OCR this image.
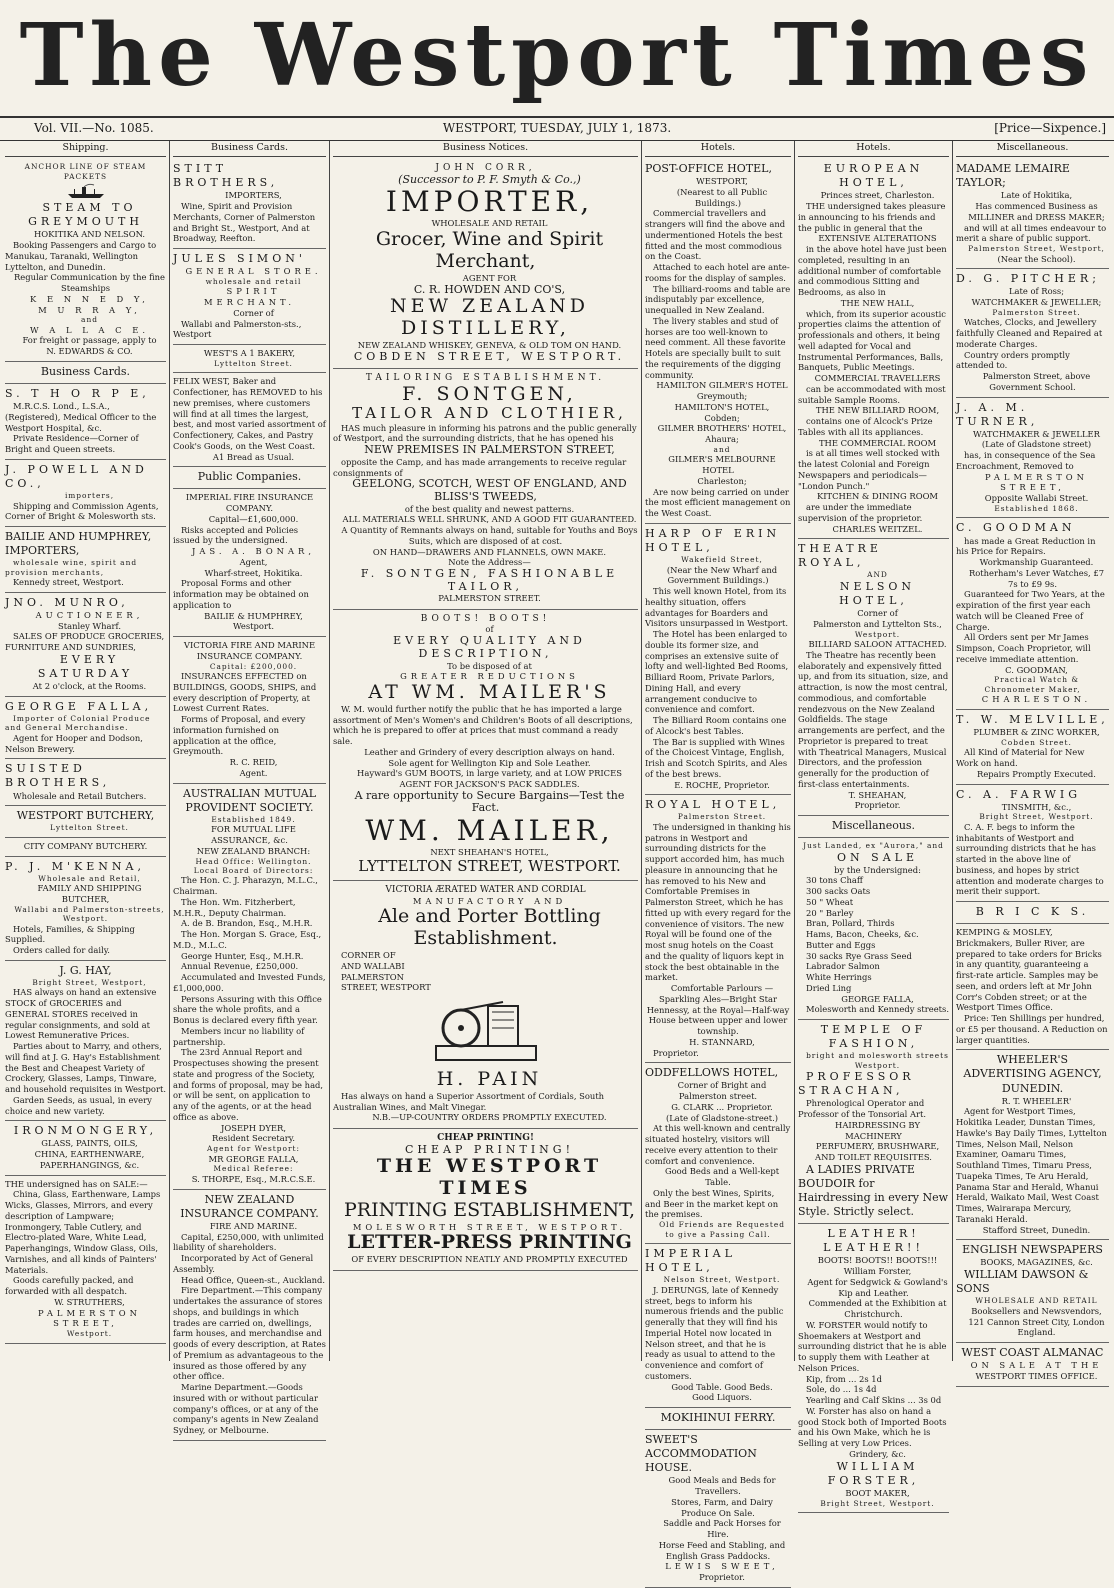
The Westport Times
Vol. VII.—No. 1085.	WESTPORT, TUESDAY, JULY 1, 1873.	[Price—Sixpence.]
Shipping.
ANCHOR LINE OF STEAM PACKETS

STEAM TO GREYMOUTH

HOKITIKA AND NELSON.

Booking Passengers and Cargo to Manukau, Taranaki, Wellington Lyttelton, and Dunedin.

Regular Communication by the fine Steamships

K E N N E D Y,

M U R R A Y,

and

W A L L A C E.

For freight or passage, apply to

N. EDWARDS & CO.

Business Cards.
S. T H O R P E,

M.R.C.S. Lond., L.S.A., (Registered), Medical Officer to the Westport Hospital, &c.

Private Residence—Corner of Bright and Queen streets.

J. POWELL AND CO.,

importers,

Shipping and Commission Agents, Corner of Bright & Molesworth sts.

BAILIE AND HUMPHREY, IMPORTERS,

wholesale wine, spirit and provision merchants,

Kennedy street, Westport.

JNO. MUNRO,

AUCTIONEER,

Stanley Wharf.

SALES OF PRODUCE GROCERIES, FURNITURE AND SUNDRIES,

EVERY SATURDAY

At 2 o'clock, at the Rooms.

GEORGE FALLA,

Importer of Colonial Produce and General Merchandise.

Agent for Hooper and Dodson, Nelson Brewery.

SUISTED BROTHERS,

Wholesale and Retail Butchers.

WESTPORT BUTCHERY,

Lyttelton Street.

CITY COMPANY BUTCHERY.
P. J. M'KENNA,

Wholesale and Retail,

FAMILY AND SHIPPING BUTCHER,

Wallabi and Palmerston-streets, Westport.

Hotels, Families, & Shipping Supplied.

Orders called for daily.

J. G. HAY,

Bright Street, Westport,

HAS always on hand an extensive STOCK of GROCERIES and GENERAL STORES received in regular consignments, and sold at Lowest Remunerative Prices.

Parties about to Marry, and others, will find at J. G. Hay's Establishment the Best and Cheapest Variety of Crockery, Glasses, Lamps, Tinware, and household requisites in Westport.

Garden Seeds, as usual, in every choice and new variety.

IRONMONGERY,

GLASS, PAINTS, OILS,

CHINA, EARTHENWARE,

PAPERHANGINGS, &c.

THE undersigned has on SALE:—

China, Glass, Earthenware, Lamps Wicks, Glasses, Mirrors, and every description of Lampware; Ironmongery, Table Cutlery, and Electro-plated Ware, White Lead, Paperhangings, Window Glass, Oils, Varnishes, and all kinds of Painters' Materials.

Goods carefully packed, and forwarded with all despatch.

W. STRUTHERS,

PALMERSTON STREET,

Westport.

Business Cards.
STITT BROTHERS,

IMPORTERS,

Wine, Spirit and Provision Merchants, Corner of Palmerston and Bright St., Westport, And at Broadway, Reefton.

JULES SIMON'

GENERAL STORE.

wholesale and retail

SPIRIT MERCHANT.

Corner of

Wallabi and Palmerston-sts., Westport

WEST'S A 1 BAKERY,

Lyttelton Street.

FELIX WEST, Baker and Confectioner, has REMOVED to his new premises, where customers will find at all times the largest, best, and most varied assortment of Confectionery, Cakes, and Pastry Cook's Goods, on the West Coast.

A1 Bread as Usual.

Public Companies.
IMPERIAL FIRE INSURANCE COMPANY.

Capital—£1,600,000.

Risks accepted and Policies issued by the undersigned.

JAS. A. BONAR,

Agent,

Wharf-street, Hokitika.

Proposal Forms and other information may be obtained on application to

BAILIE & HUMPHREY,

Westport.

VICTORIA FIRE AND MARINE INSURANCE COMPANY.

Capital: £200,000.

INSURANCES EFFECTED on BUILDINGS, GOODS, SHIPS, and every description of Property, at Lowest Current Rates.

Forms of Proposal, and every information furnished on application at the office, Greymouth.

R. C. REID,

Agent.

AUSTRALIAN MUTUAL PROVIDENT SOCIETY.

Established 1849.

FOR MUTUAL LIFE ASSURANCE, &c.

NEW ZEALAND BRANCH:

Head Office: Wellington.

Local Board of Directors:

The Hon. C. J. Pharazyn, M.L.C., Chairman.

The Hon. Wm. Fitzherbert, M.H.R., Deputy Chairman.

A. de B. Brandon, Esq., M.H.R.

The Hon. Morgan S. Grace, Esq., M.D., M.L.C.

George Hunter, Esq., M.H.R.

Annual Revenue, £250,000.

Accumulated and Invested Funds, £1,000,000.

Persons Assuring with this Office share the whole profits, and a Bonus is declared every fifth year.

Members incur no liability of partnership.

The 23rd Annual Report and Prospectuses showing the present state and progress of the Society, and forms of proposal, may be had, or will be sent, on application to any of the agents, or at the head office as above.

JOSEPH DYER,

Resident Secretary.

Agent for Westport:

MR GEORGE FALLA,

Medical Referee:

S. THORPE, Esq., M.R.C.S.E.

NEW ZEALAND INSURANCE COMPANY.

FIRE AND MARINE.

Capital, £250,000, with unlimited liability of shareholders.

Incorporated by Act of General Assembly.

Head Office, Queen-st., Auckland.

Fire Department.—This company undertakes the assurance of stores shops, and buildings in which trades are carried on, dwellings, farm houses, and merchandise and goods of every description, at Rates of Premium as advantageous to the insured as those offered by any other office.

Marine Department.—Goods insured with or without particular company's offices, or at any of the company's agents in New Zealand Sydney, or Melbourne.

Business Notices.
JOHN CORR,

(Successor to P. F. Smyth & Co.,)

IMPORTER,

WHOLESALE AND RETAIL

Grocer, Wine and Spirit Merchant,

AGENT FOR

C. R. HOWDEN AND CO'S,

NEW ZEALAND DISTILLERY,

NEW ZEALAND WHISKEY, GENEVA, & OLD TOM ON HAND.

COBDEN STREET, WESTPORT.

TAILORING ESTABLISHMENT.

F. SONTGEN,

TAILOR AND CLOTHIER,

HAS much pleasure in informing his patrons and the public generally of Westport, and the surrounding districts, that he has opened his

NEW PREMISES IN PALMERSTON STREET,

opposite the Camp, and has made arrangements to receive regular consignments of

GEELONG, SCOTCH, WEST OF ENGLAND, AND BLISS'S TWEEDS,

of the best quality and newest patterns.

ALL MATERIALS WELL SHRUNK, AND A GOOD FIT GUARANTEED.

A Quantity of Remnants always on hand, suitable for Youths and Boys Suits, which are disposed of at cost.

ON HAND—DRAWERS AND FLANNELS, OWN MAKE.

Note the Address—

F. SONTGEN, FASHIONABLE TAILOR,

PALMERSTON STREET.

BOOTS! BOOTS!

of

EVERY QUALITY AND DESCRIPTION,

To be disposed of at

GREATER REDUCTIONS

AT WM. MAILER'S

W. M. would further notify the public that he has imported a large assortment of Men's Women's and Children's Boots of all descriptions, which he is prepared to offer at prices that must command a ready sale.

Leather and Grindery of every description always on hand.

Sole agent for Wellington Kip and Sole Leather.

Hayward's GUM BOOTS, in large variety, and at LOW PRICES

AGENT FOR JACKSON'S PACK SADDLES.

A rare opportunity to Secure Bargains—Test the Fact.

WM. MAILER,

NEXT SHEAHAN'S HOTEL,

LYTTELTON STREET, WESTPORT.

VICTORIA ÆRATED WATER AND CORDIAL

MANUFACTORY AND

Ale and Porter Bottling Establishment.

CORNER OF

AND WALLABI

PALMERSTON

STREET, WESTPORT

H. PAIN

Has always on hand a Superior Assortment of Cordials, South Australian Wines, and Malt Vinegar.

N.B.—UP-COUNTRY ORDERS PROMPTLY EXECUTED.

CHEAP PRINTING!

CHEAP PRINTING!

THE WESTPORT TIMES

PRINTING ESTABLISHMENT,

MOLESWORTH STREET, WESTPORT.

LETTER-PRESS PRINTING

OF EVERY DESCRIPTION NEATLY AND PROMPTLY EXECUTED

Hotels.
POST-OFFICE HOTEL,

WESTPORT,

(Nearest to all Public Buildings.)

Commercial travellers and strangers will find the above and undermentioned Hotels the best fitted and the most commodious on the Coast.

Attached to each hotel are ante-rooms for the display of samples.

The billiard-rooms and table are indisputably par excellence, unequalled in New Zealand.

The livery stables and stud of horses are too well-known to need comment. All these favorite Hotels are specially built to suit the requirements of the digging community.

HAMILTON GILMER'S HOTEL

Greymouth;

HAMILTON'S HOTEL,

Cobden;

GILMER BROTHERS' HOTEL,

Ahaura;

and

GILMER'S MELBOURNE HOTEL

Charleston;

Are now being carried on under the most efficient management on the West Coast.

HARP OF ERIN HOTEL,

Wakefield Street,

(Near the New Wharf and Government Buildings.)

This well known Hotel, from its healthy situation, offers advantages for Boarders and Visitors unsurpassed in Westport.

The Hotel has been enlarged to double its former size, and comprises an extensive suite of lofty and well-lighted Bed Rooms, Billiard Room, Private Parlors, Dining Hall, and every arrangement conducive to convenience and comfort.

The Billiard Room contains one of Alcock's best Tables.

The Bar is supplied with Wines of the Choicest Vintage, English, Irish and Scotch Spirits, and Ales of the best brews.

E. ROCHE, Proprietor.

ROYAL HOTEL,

Palmerston Street.

The undersigned in thanking his patrons in Westport and surrounding districts for the support accorded him, has much pleasure in announcing that he has removed to his New and Comfortable Premises in Palmerston Street, which he has fitted up with every regard for the convenience of visitors. The new Royal will be found one of the most snug hotels on the Coast and the quality of liquors kept in stock the best obtainable in the market.

Comfortable Parlours — Sparkling Ales—Bright Star Hennessy, at the Royal—Half-way House between upper and lower township.

H. STANNARD,

Proprietor.

ODDFELLOWS HOTEL,

Corner of Bright and Palmerston street.

G. CLARK ... Proprietor.

(Late of Gladstone-street.)

At this well-known and centrally situated hostelry, visitors will receive every attention to their comfort and convenience.

Good Beds and a Well-kept Table.

Only the best Wines, Spirits, and Beer in the market kept on the premises.

Old Friends are Requested to give a Passing Call.

IMPERIAL HOTEL,

Nelson Street, Westport.

J. DERUNGS, late of Kennedy street, begs to inform his numerous friends and the public generally that they will find his Imperial Hotel now located in Nelson street, and that he is ready as usual to attend to the convenience and comfort of customers.

Good Table. Good Beds.

Good Liquors.

MOKIHINUI FERRY.
SWEET'S ACCOMMODATION HOUSE.

Good Meals and Beds for Travellers.

Stores, Farm, and Dairy Produce On Sale.

Saddle and Pack Horses for Hire.

Horse Feed and Stabling, and English Grass Paddocks.

LEWIS SWEET,

Proprietor.

Hotels.
EUROPEAN HOTEL,

Princes street, Charleston.

THE undersigned takes pleasure in announcing to his friends and the public in general that the

EXTENSIVE ALTERATIONS

in the above hotel have just been completed, resulting in an additional number of comfortable and commodious Sitting and Bedrooms, as also in

THE NEW HALL,

which, from its superior acoustic properties claims the attention of professionals and others, it being well adapted for Vocal and Instrumental Performances, Balls, Banquets, Public Meetings.

COMMERCIAL TRAVELLERS

can be accommodated with most suitable Sample Rooms.

THE NEW BILLIARD ROOM,

contains one of Alcock's Prize Tables with all its appliances.

THE COMMERCIAL ROOM

is at all times well stocked with the latest Colonial and Foreign Newspapers and periodicals— "London Punch."

KITCHEN & DINING ROOM

are under the immediate supervision of the proprietor.

CHARLES WEITZEL.

THEATRE ROYAL,

AND

NELSON HOTEL,

Corner of

Palmerston and Lyttelton Sts.,

Westport.

BILLIARD SALOON ATTACHED.

The Theatre has recently been elaborately and expensively fitted up, and from its situation, size, and attraction, is now the most central, commodious, and comfortable rendezvous on the New Zealand Goldfields. The stage arrangements are perfect, and the Proprietor is prepared to treat with Theatrical Managers, Musical Directors, and the profession generally for the production of first-class entertainments.

T. SHEAHAN,

Proprietor.

Miscellaneous.
Just Landed, ex "Aurora," and

ON SALE

by the Undersigned:

30 tons Chaff

300 sacks Oats

50 " Wheat

20 " Barley

Bran, Pollard, Thirds

Hams, Bacon, Cheeks, &c.

Butter and Eggs

30 sacks Rye Grass Seed

Labrador Salmon

White Herrings

Dried Ling

GEORGE FALLA,

Molesworth and Kennedy streets.

TEMPLE OF FASHION,

bright and molesworth streets

Westport.

PROFESSOR STRACHAN,

Phrenological Operator and Professor of the Tonsorial Art.

HAIRDRESSING BY MACHINERY

PERFUMERY, BRUSHWARE, AND TOILET REQUISITES.

A LADIES PRIVATE BOUDOIR for Hairdressing in every New Style. Strictly select.

LEATHER! LEATHER!!

BOOTS! BOOTS!! BOOTS!!!

William Forster,

Agent for Sedgwick & Gowland's Kip and Leather.

Commended at the Exhibition at Christchurch.

W. FORSTER would notify to Shoemakers at Westport and surrounding district that he is able to supply them with Leather at Nelson Prices.

Kip, from ... 2s 1d

Sole, do ... 1s 4d

Yearling and Calf Skins ... 3s 0d

W. Forster has also on hand a good Stock both of Imported Boots and his Own Make, which he is Selling at very Low Prices.

Grindery, &c.

WILLIAM FORSTER,

BOOT MAKER,

Bright Street, Westport.

Miscellaneous.
MADAME LEMAIRE TAYLOR;

Late of Hokitika,

Has commenced Business as

MILLINER and DRESS MAKER;

and will at all times endeavour to merit a share of public support.

Palmerston Street, Westport,

(Near the School).

D. G. PITCHER;

Late of Ross;

WATCHMAKER & JEWELLER;

Palmerston Street.

Watches, Clocks, and Jewellery faithfully Cleaned and Repaired at moderate Charges.

Country orders promptly attended to.

Palmerston Street, above Government School.

J. A. M. TURNER,

WATCHMAKER & JEWELLER

(Late of Gladstone street)

has, in consequence of the Sea Encroachment, Removed to

PALMERSTON STREET,

Opposite Wallabi Street.

Established 1868.

C. GOODMAN

has made a Great Reduction in his Price for Repairs.

Workmanship Guaranteed.

Rotherham's Lever Watches, £7 7s to £9 9s.

Guaranteed for Two Years, at the expiration of the first year each watch will be Cleaned Free of Charge.

All Orders sent per Mr James Simpson, Coach Proprietor, will receive immediate attention.

C. GOODMAN,

Practical Watch & Chronometer Maker,

CHARLESTON.

T. W. MELVILLE,

PLUMBER & ZINC WORKER,

Cobden Street.

All Kind of Material for New Work on hand.

Repairs Promptly Executed.

C. A. FARWIG

TINSMITH, &c.,

Bright Street, Westport.

C. A. F. begs to inform the inhabitants of Westport and surrounding districts that he has started in the above line of business, and hopes by strict attention and moderate charges to merit their support.

B R I C K S.
KEMPING & MOSLEY, Brickmakers, Buller River, are prepared to take orders for Bricks in any quantity, guaranteeing a first-rate article. Samples may be seen, and orders left at Mr John Corr's Cobden street; or at the Westport Times Office.

Price: Ten Shillings per hundred, or £5 per thousand. A Reduction on larger quantities.

WHEELER'S ADVERTISING AGENCY, DUNEDIN.

R. T. WHEELER'

Agent for Westport Times, Hokitika Leader, Dunstan Times, Hawke's Bay Daily Times, Lyttelton Times, Nelson Mail, Nelson Examiner, Oamaru Times, Southland Times, Timaru Press, Tuapeka Times, Te Aru Herald, Panama Star and Herald, Whanui Herald, Waikato Mail, West Coast Times, Wairarapa Mercury, Taranaki Herald.

Stafford Street, Dunedin.

ENGLISH NEWSPAPERS

BOOKS, MAGAZINES, &c.

WILLIAM DAWSON & SONS

WHOLESALE AND RETAIL

Booksellers and Newsvendors,

121 Cannon Street City, London

England.

WEST COAST ALMANAC

ON SALE AT THE

WESTPORT TIMES OFFICE.
